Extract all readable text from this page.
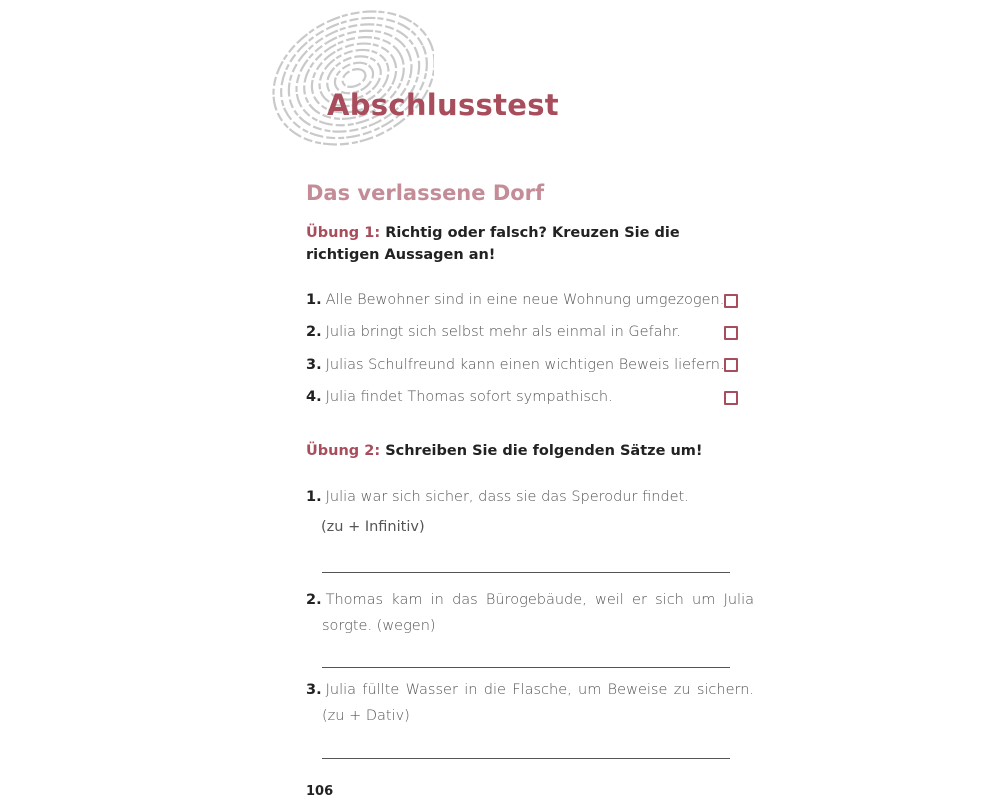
Abschlusstest
Das verlassene Dorf
Übung 1: Richtig oder falsch? Kreuzen Sie die richtigen Aussagen an!
1. Alle Bewohner sind in eine neue Wohnung umgezogen.
2. Julia bringt sich selbst mehr als einmal in Gefahr.
3. Julias Schulfreund kann einen wichtigen Beweis liefern.
4. Julia findet Thomas sofort sympathisch.
Übung 2: Schreiben Sie die folgenden Sätze um!
1. Julia war sich sicher, dass sie das Sperodur findet.
(zu + Infinitiv)
2. Thomas kam in das Bürogebäude, weil er sich um Julia sorgte. (wegen)
3. Julia füllte Wasser in die Flasche, um Beweise zu sichern. (zu + Dativ)
106
